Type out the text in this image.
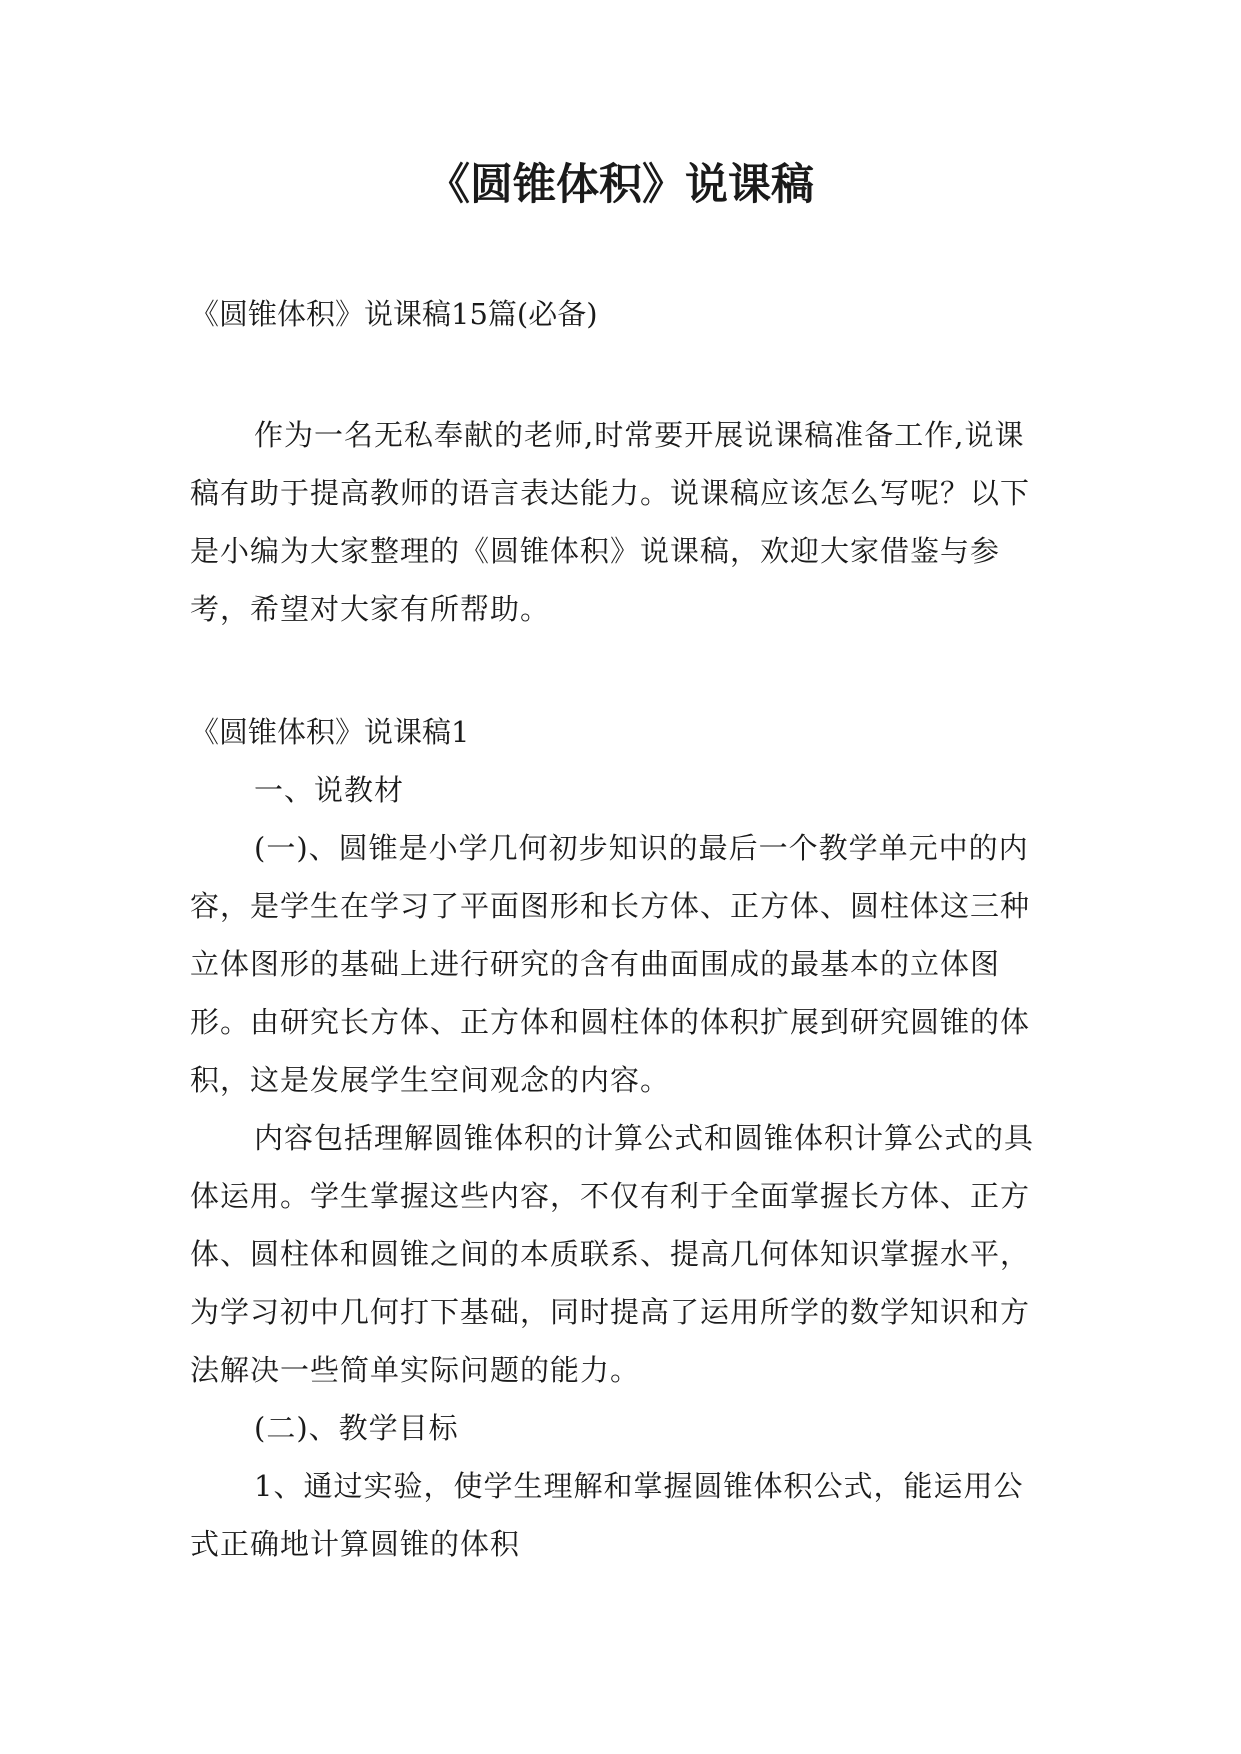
《圆锥体积》说课稿

《圆锥体积》说课稿15篇(必备)

作为一名无私奉献的老师,时常要开展说课稿准备工作,说课稿有助于提高教师的语言表达能力。说课稿应该怎么写呢？以下是小编为大家整理的《圆锥体积》说课稿，欢迎大家借鉴与参考，希望对大家有所帮助。

《圆锥体积》说课稿1

一、说教材

(一)、圆锥是小学几何初步知识的最后一个教学单元中的内容，是学生在学习了平面图形和长方体、正方体、圆柱体这三种立体图形的基础上进行研究的含有曲面围成的最基本的立体图形。由研究长方体、正方体和圆柱体的体积扩展到研究圆锥的体积，这是发展学生空间观念的内容。

内容包括理解圆锥体积的计算公式和圆锥体积计算公式的具体运用。学生掌握这些内容，不仅有利于全面掌握长方体、正方体、圆柱体和圆锥之间的本质联系、提高几何体知识掌握水平，为学习初中几何打下基础，同时提高了运用所学的数学知识和方法解决一些简单实际问题的能力。

(二)、教学目标

1、通过实验，使学生理解和掌握圆锥体积公式，能运用公式正确地计算圆锥的体积
